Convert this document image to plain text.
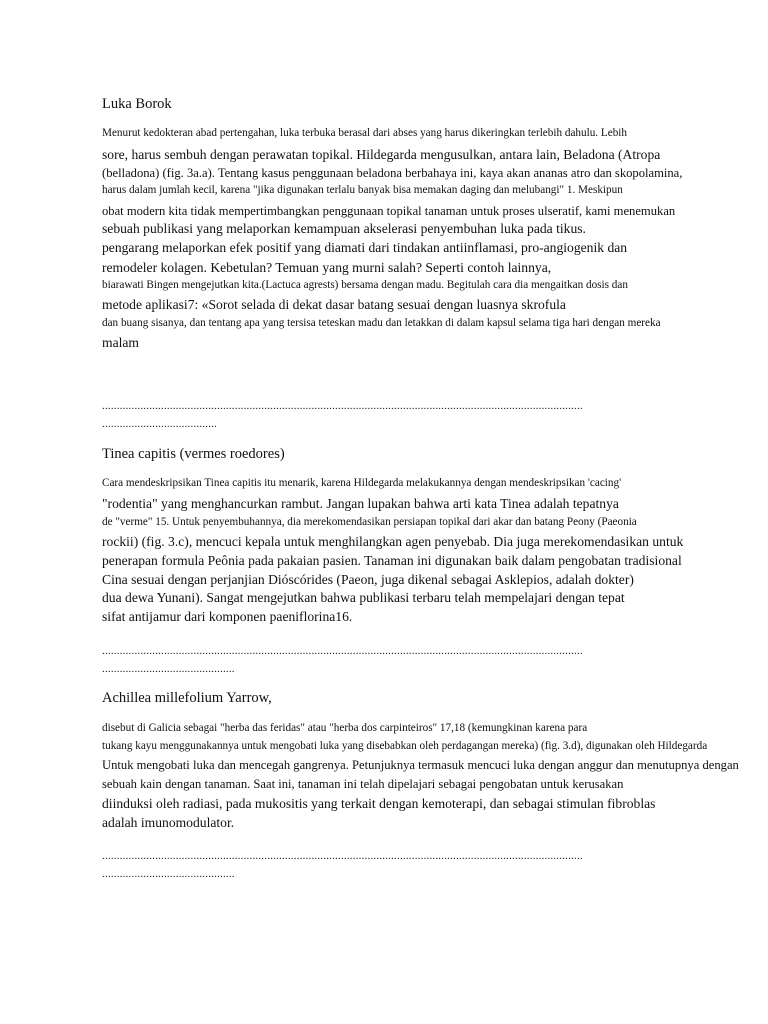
Luka Borok
Menurut kedokteran abad pertengahan, luka terbuka berasal dari abses yang harus dikeringkan terlebih dahulu. Lebih
sore, harus sembuh dengan perawatan topikal. Hildegarda mengusulkan, antara lain, Beladona (Atropa
(belladona) (fig. 3a.a). Tentang kasus penggunaan beladona berbahaya ini, kaya akan ananas atro dan skopolamina,
harus dalam jumlah kecil, karena "jika digunakan terlalu banyak bisa memakan daging dan melubangi" 1. Meskipun
obat modern kita tidak mempertimbangkan penggunaan topikal tanaman untuk proses ulseratif, kami menemukan
sebuah publikasi yang melaporkan kemampuan akselerasi penyembuhan luka pada tikus.
pengarang melaporkan efek positif yang diamati dari tindakan antiinflamasi, pro-angiogenik dan
remodeler kolagen. Kebetulan? Temuan yang murni salah? Seperti contoh lainnya,
biarawati Bingen mengejutkan kita.(Lactuca agrests) bersama dengan madu. Begitulah cara dia mengaitkan dosis dan
metode aplikasi7: «Sorot selada di dekat dasar batang sesuai dengan luasnya skrofula
dan buang sisanya, dan tentang apa yang tersisa teteskan madu dan letakkan di dalam kapsul selama tiga hari dengan mereka
malam
...................................................................................................................................................................
.......................................
Tinea capitis (vermes roedores)
Cara mendeskripsikan Tinea capitis itu menarik, karena Hildegarda melakukannya dengan mendeskripsikan 'cacing'
"rodentia" yang menghancurkan rambut. Jangan lupakan bahwa arti kata Tinea adalah tepatnya
de "verme" 15. Untuk penyembuhannya, dia merekomendasikan persiapan topikal dari akar dan batang Peony (Paeonia
rockii) (fig. 3.c), mencuci kepala untuk menghilangkan agen penyebab. Dia juga merekomendasikan untuk
penerapan formula Peônia pada pakaian pasien. Tanaman ini digunakan baik dalam pengobatan tradisional
Cina sesuai dengan perjanjian Dióscórides (Paeon, juga dikenal sebagai Asklepios, adalah dokter)
dua dewa Yunani). Sangat mengejutkan bahwa publikasi terbaru telah mempelajari dengan tepat
sifat antijamur dari komponen paeniflorina16.
...................................................................................................................................................................
.............................................
Achillea millefolium Yarrow,
disebut di Galicia sebagai "herba das feridas" atau "herba dos carpinteiros" 17,18 (kemungkinan karena para
tukang kayu menggunakannya untuk mengobati luka yang disebabkan oleh perdagangan mereka) (fig. 3.d), digunakan oleh Hildegarda
Untuk mengobati luka dan mencegah gangrenya. Petunjuknya termasuk mencuci luka dengan anggur dan menutupnya dengan
sebuah kain dengan tanaman. Saat ini, tanaman ini telah dipelajari sebagai pengobatan untuk kerusakan
diinduksi oleh radiasi, pada mukositis yang terkait dengan kemoterapi, dan sebagai stimulan fibroblas
adalah imunomodulator.
...................................................................................................................................................................
.............................................
